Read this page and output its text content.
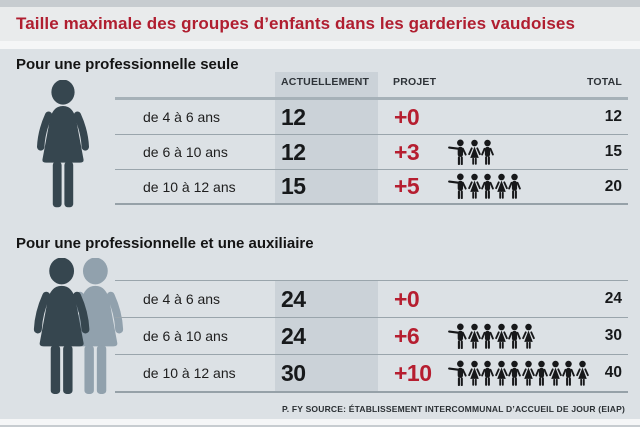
Taille maximale des groupes d’enfants dans les garderies vaudoises
Pour une professionnelle seule
ACTUELLEMENT PROJET	TOTAL
de 4 à 6 ans	12	+0	12
de 6 à 10 ans	12	+3	15
de 10 à 12 ans	15	+5	20
Pour une professionnelle et une auxiliaire
de 4 à 6 ans	24	+0	24
de 6 à 10 ans	24	+6	30
de 10 à 12 ans	30	+10	40
P. FY SOURCE: ÉTABLISSEMENT INTERCOMMUNAL D’ACCUEIL DE JOUR (EIAP)
